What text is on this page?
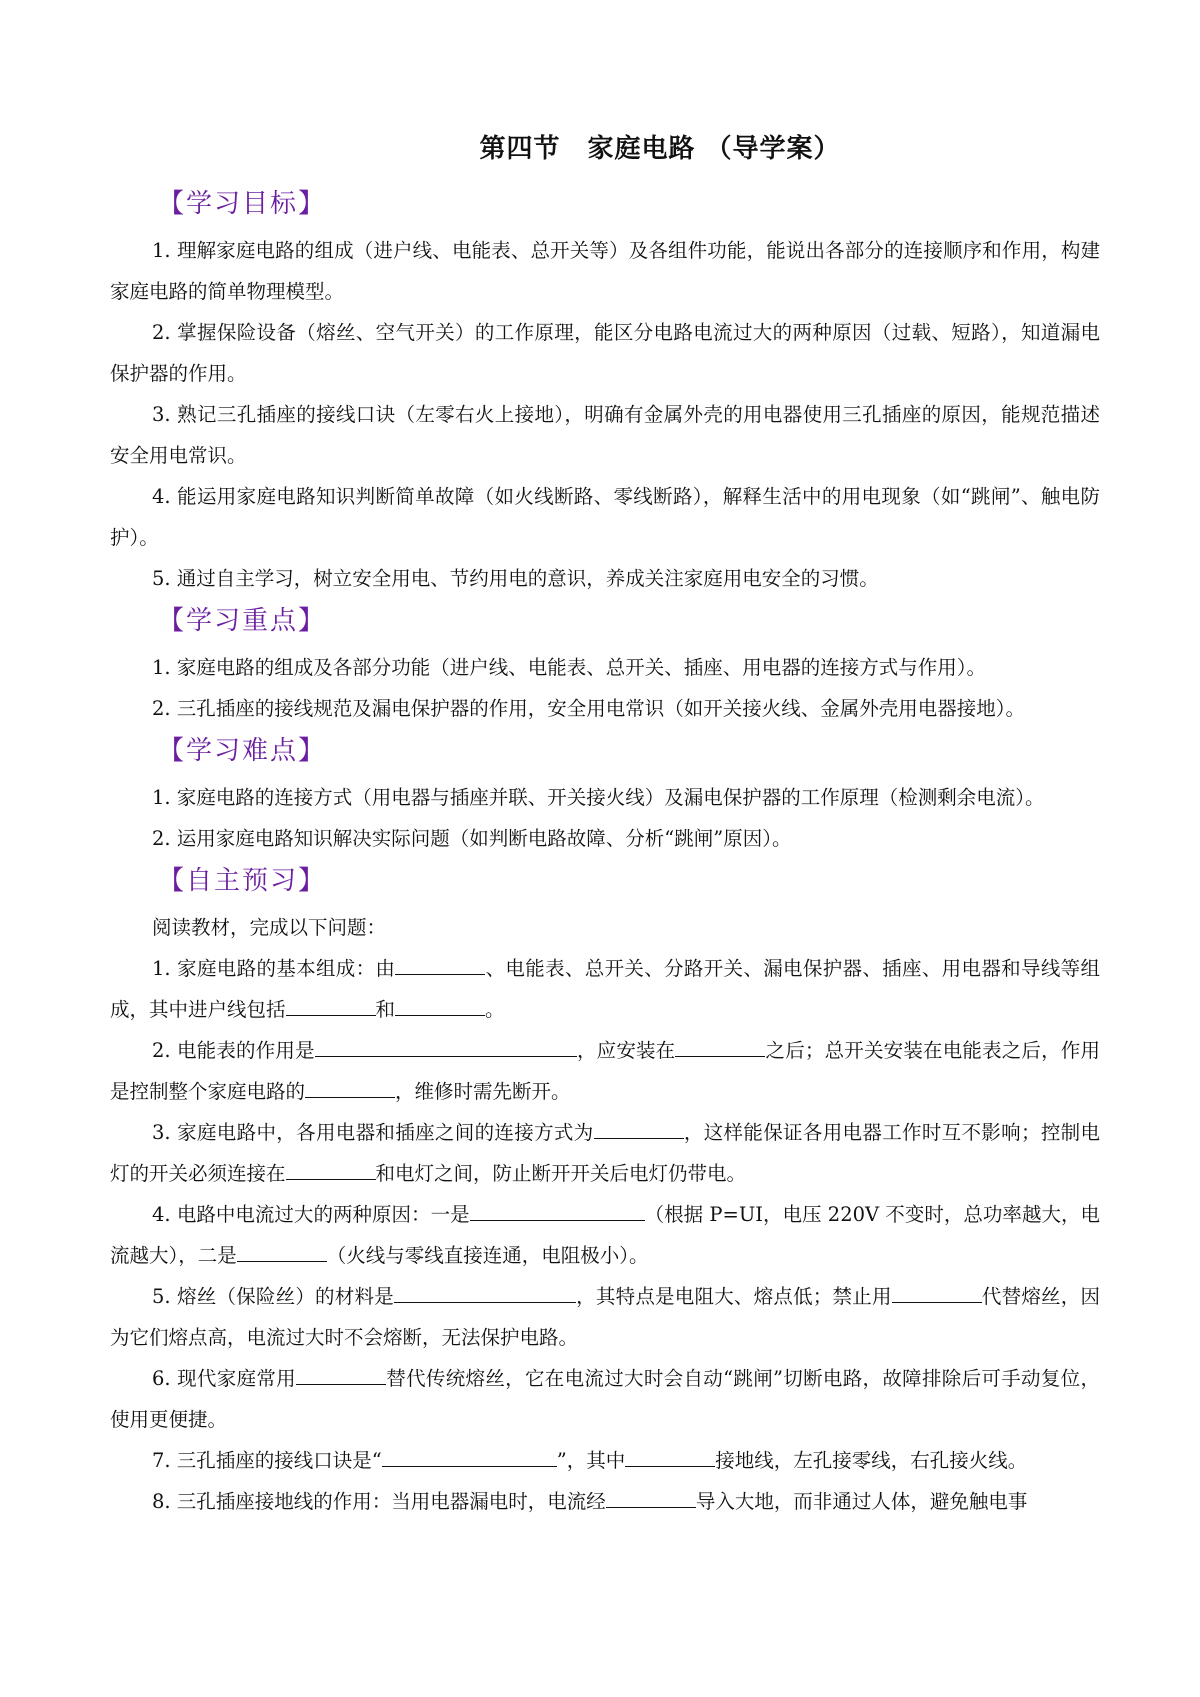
第四节　家庭电路 （导学案）
【学习目标】

1. 理解家庭电路的组成（进户线、电能表、总开关等）及各组件功能，能说出各部分的连接顺序和作用，构建家庭电路的简单物理模型。

2. 掌握保险设备（熔丝、空气开关）的工作原理，能区分电路电流过大的两种原因（过载、短路），知道漏电保护器的作用。

3. 熟记三孔插座的接线口诀（左零右火上接地），明确有金属外壳的用电器使用三孔插座的原因，能规范描述安全用电常识。

4. 能运用家庭电路知识判断简单故障（如火线断路、零线断路），解释生活中的用电现象（如“跳闸”、触电防护）。

5. 通过自主学习，树立安全用电、节约用电的意识，养成关注家庭用电安全的习惯。

【学习重点】

1. 家庭电路的组成及各部分功能（进户线、电能表、总开关、插座、用电器的连接方式与作用）。

2. 三孔插座的接线规范及漏电保护器的作用，安全用电常识（如开关接火线、金属外壳用电器接地）。

【学习难点】

1. 家庭电路的连接方式（用电器与插座并联、开关接火线）及漏电保护器的工作原理（检测剩余电流）。

2. 运用家庭电路知识解决实际问题（如判断电路故障、分析“跳闸”原因）。

【自主预习】

阅读教材，完成以下问题：

1. 家庭电路的基本组成：由	、电能表、总开关、分路开关、漏电保护器、插座、用电器和导线等组成，其中进户线包括	和	。

2. 电能表的作用是	，应安装在	之后；总开关安装在电能表之后，作用是控制整个家庭电路的	，维修时需先断开。

3. 家庭电路中，各用电器和插座之间的连接方式为	，这样能保证各用电器工作时互不影响；控制电灯的开关必须连接在	和电灯之间，防止断开开关后电灯仍带电。

4. 电路中电流过大的两种原因：一是	（根据 P=UI，电压 220V 不变时，总功率越大，电流越大），二是	（火线与零线直接连通，电阻极小）。

5. 熔丝（保险丝）的材料是	，其特点是电阻大、熔点低；禁止用	代替熔丝，因为它们熔点高，电流过大时不会熔断，无法保护电路。

6. 现代家庭常用	替代传统熔丝，它在电流过大时会自动“跳闸”切断电路，故障排除后可手动复位，使用更便捷。

7. 三孔插座的接线口诀是“	”，其中	接地线，左孔接零线，右孔接火线。

8. 三孔插座接地线的作用：当用电器漏电时，电流经	导入大地，而非通过人体，避免触电事
